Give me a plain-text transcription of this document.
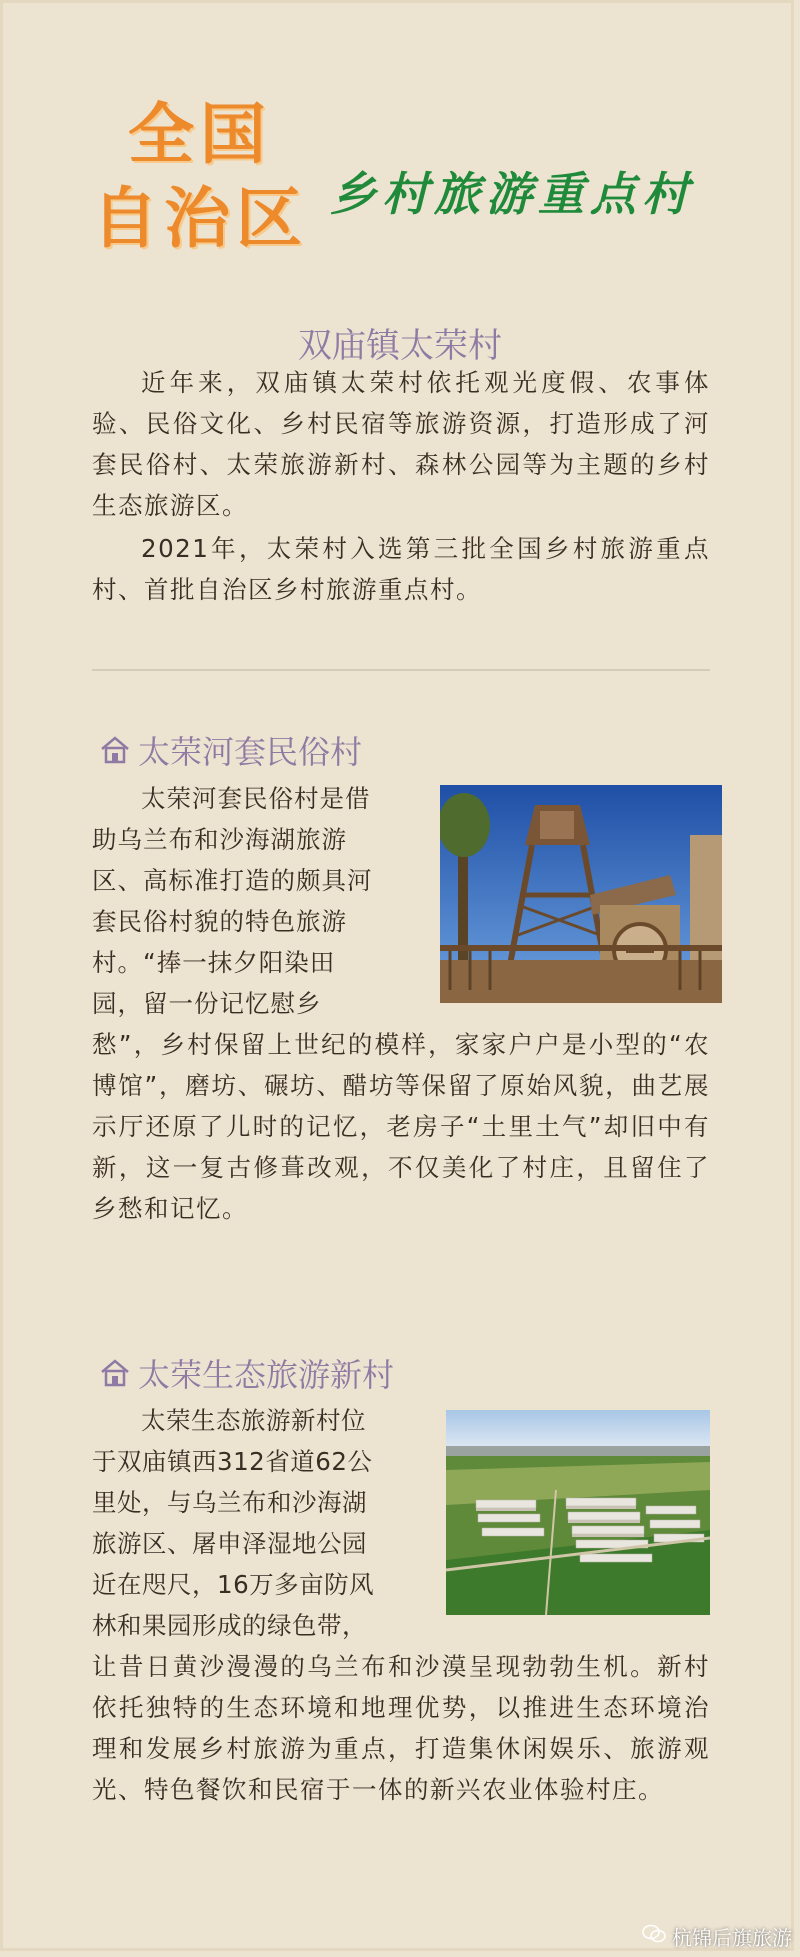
全国
自治区 乡村旅游重点村
双庙镇太荣村
近年来，双庙镇太荣村依托观光度假、农事体验、民俗文化、乡村民宿等旅游资源，打造形成了河套民俗村、太荣旅游新村、森林公园等为主题的乡村生态旅游区。
2021年，太荣村入选第三批全国乡村旅游重点村、首批自治区乡村旅游重点村。
太荣河套民俗村
太荣河套民俗村是借
助乌兰布和沙海湖旅游
区、高标准打造的颇具河
套民俗村貌的特色旅游
村。“捧一抹夕阳染田
园，留一份记忆慰乡
愁”，乡村保留上世纪的模样，家家户户是小型的“农博馆”，磨坊、碾坊、醋坊等保留了原始风貌，曲艺展示厅还原了儿时的记忆，老房子“土里土气”却旧中有新，这一复古修葺改观，不仅美化了村庄，且留住了乡愁和记忆。
太荣生态旅游新村
太荣生态旅游新村位
于双庙镇西312省道62公
里处，与乌兰布和沙海湖
旅游区、屠申泽湿地公园
近在咫尺，16万多亩防风
林和果园形成的绿色带，
让昔日黄沙漫漫的乌兰布和沙漠呈现勃勃生机。新村依托独特的生态环境和地理优势，以推进生态环境治理和发展乡村旅游为重点，打造集休闲娱乐、旅游观光、特色餐饮和民宿于一体的新兴农业体验村庄。
杭锦后旗旅游
